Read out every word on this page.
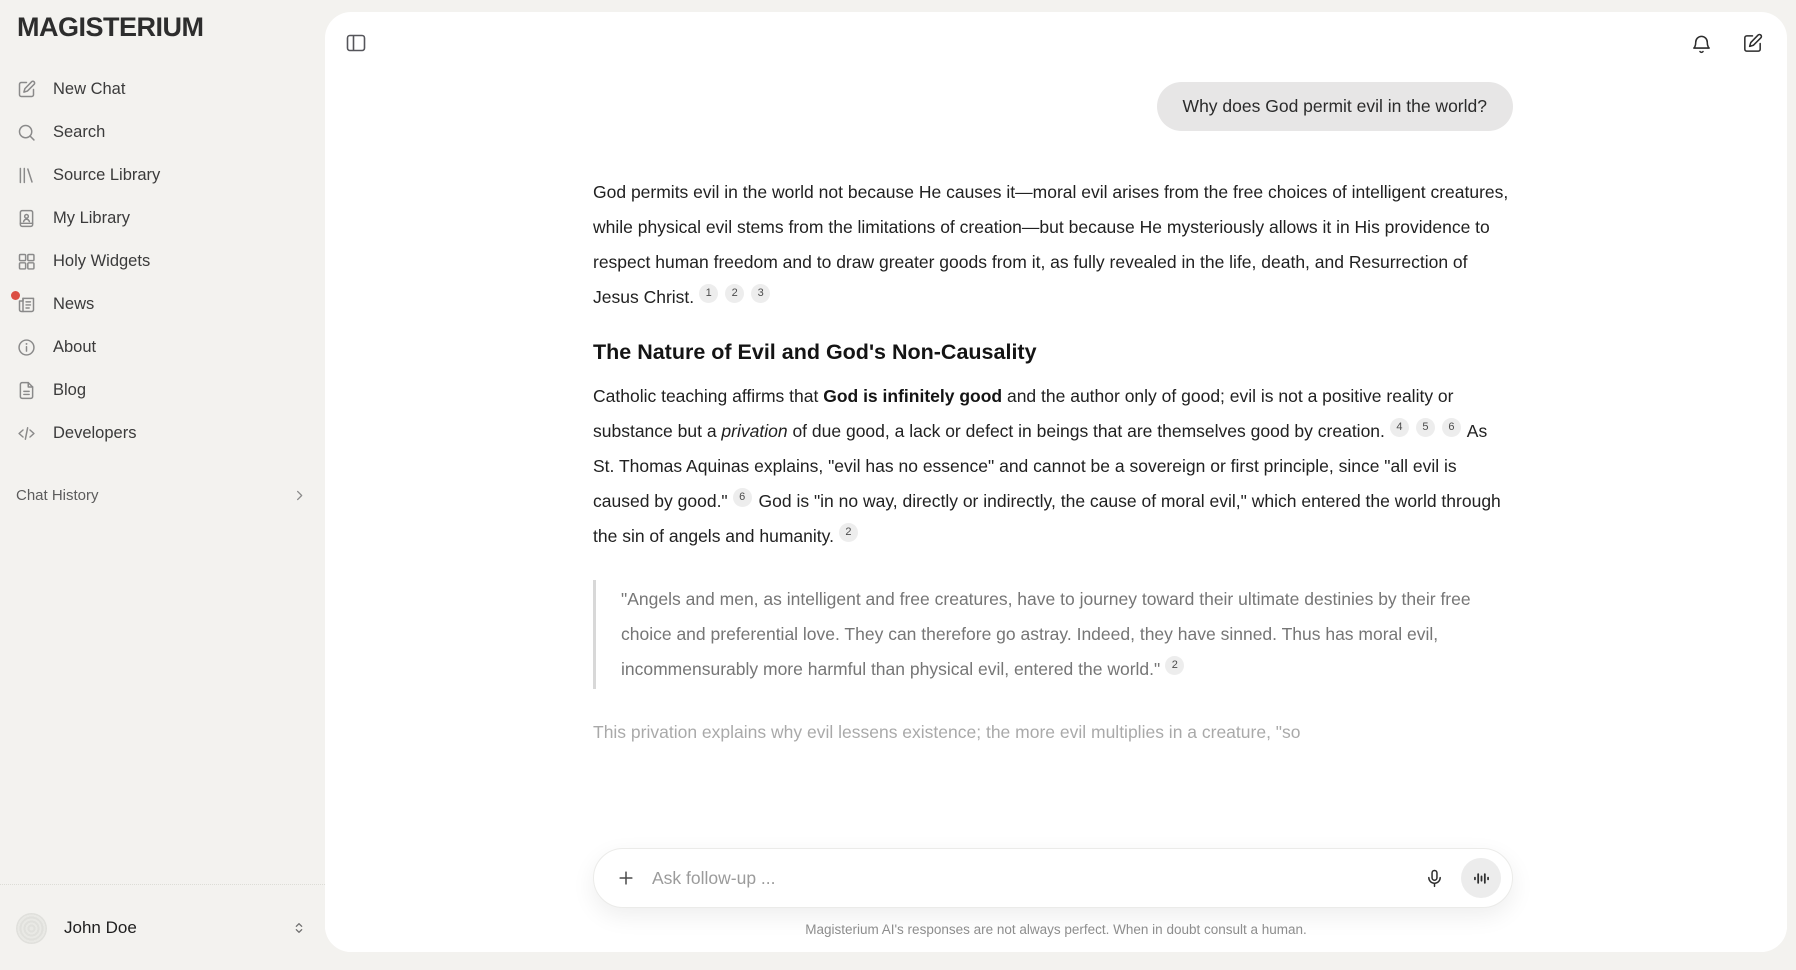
MAGISTERIUM
New Chat
Search
Source Library
My Library
Holy Widgets
News
About
Blog
Developers
Chat History
John Doe
Why does God permit evil in the world?

God permits evil in the world not because He causes it—moral evil arises from the free choices of intelligent creatures, while physical evil stems from the limitations of creation—but because He mysteriously allows it in His providence to respect human freedom and to draw greater goods from it, as fully revealed in the life, death, and Resurrection of Jesus Christ. 1 2 3

The Nature of Evil and God's Non-Causality

Catholic teaching affirms that God is infinitely good and the author only of good; evil is not a positive reality or substance but a privation of due good, a lack or defect in beings that are themselves good by creation. 4 5 6 As St. Thomas Aquinas explains, "evil has no essence" and cannot be a sovereign or first principle, since "all evil is caused by good." 6 God is "in no way, directly or indirectly, the cause of moral evil," which entered the world through the sin of angels and humanity. 2

"Angels and men, as intelligent and free creatures, have to journey toward their ultimate destinies by their free choice and preferential love. They can therefore go astray. Indeed, they have sinned. Thus has moral evil, incommensurably more harmful than physical evil, entered the world." 2

This privation explains why evil lessens existence; the more evil multiplies in a creature, "so

Ask follow-up ...
Magisterium AI's responses are not always perfect. When in doubt consult a human.
